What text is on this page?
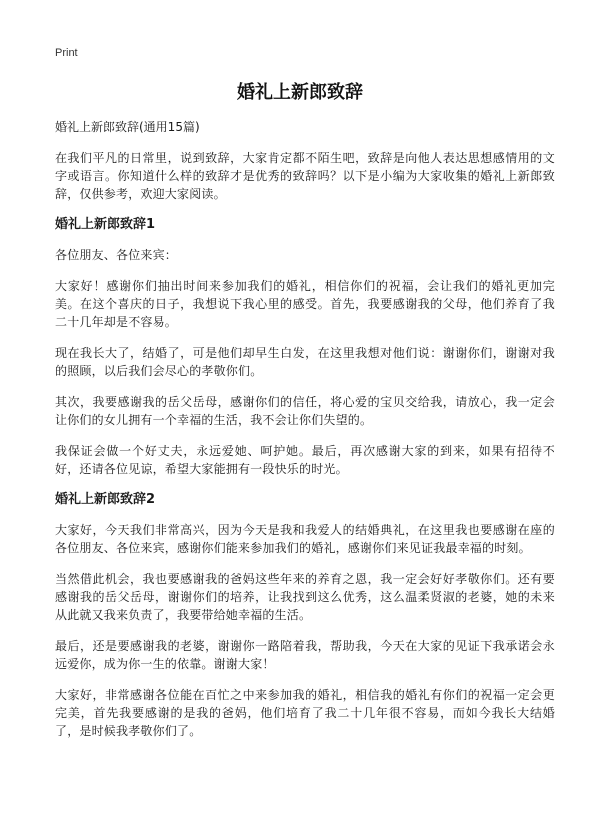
Print
婚礼上新郎致辞

婚礼上新郎致辞(通用15篇)

在我们平凡的日常里，说到致辞，大家肯定都不陌生吧，致辞是向他人表达思想感情用的文字或语言。你知道什么样的致辞才是优秀的致辞吗？以下是小编为大家收集的婚礼上新郎致辞，仅供参考，欢迎大家阅读。

婚礼上新郎致辞1

各位朋友、各位来宾：

大家好！感谢你们抽出时间来参加我们的婚礼，相信你们的祝福，会让我们的婚礼更加完美。在这个喜庆的日子，我想说下我心里的感受。首先，我要感谢我的父母，他们养育了我二十几年却是不容易。

现在我长大了，结婚了，可是他们却早生白发，在这里我想对他们说：谢谢你们，谢谢对我的照顾，以后我们会尽心的孝敬你们。

其次，我要感谢我的岳父岳母，感谢你们的信任，将心爱的宝贝交给我，请放心，我一定会让你们的女儿拥有一个幸福的生活，我不会让你们失望的。

我保证会做一个好丈夫，永远爱她、呵护她。最后，再次感谢大家的到来，如果有招待不好，还请各位见谅，希望大家能拥有一段快乐的时光。

婚礼上新郎致辞2

大家好，今天我们非常高兴，因为今天是我和我爱人的结婚典礼，在这里我也要感谢在座的各位朋友、各位来宾，感谢你们能来参加我们的婚礼，感谢你们来见证我最幸福的时刻。

当然借此机会，我也要感谢我的爸妈这些年来的养育之恩，我一定会好好孝敬你们。还有要感谢我的岳父岳母，谢谢你们的培养，让我找到这么优秀，这么温柔贤淑的老婆，她的未来从此就又我来负责了，我要带给她幸福的生活。

最后，还是要感谢我的老婆，谢谢你一路陪着我，帮助我，今天在大家的见证下我承诺会永远爱你，成为你一生的依靠。谢谢大家！

大家好，非常感谢各位能在百忙之中来参加我的婚礼，相信我的婚礼有你们的祝福一定会更完美，首先我要感谢的是我的爸妈，他们培育了我二十几年很不容易，而如今我长大结婚了，是时候我孝敬你们了。
